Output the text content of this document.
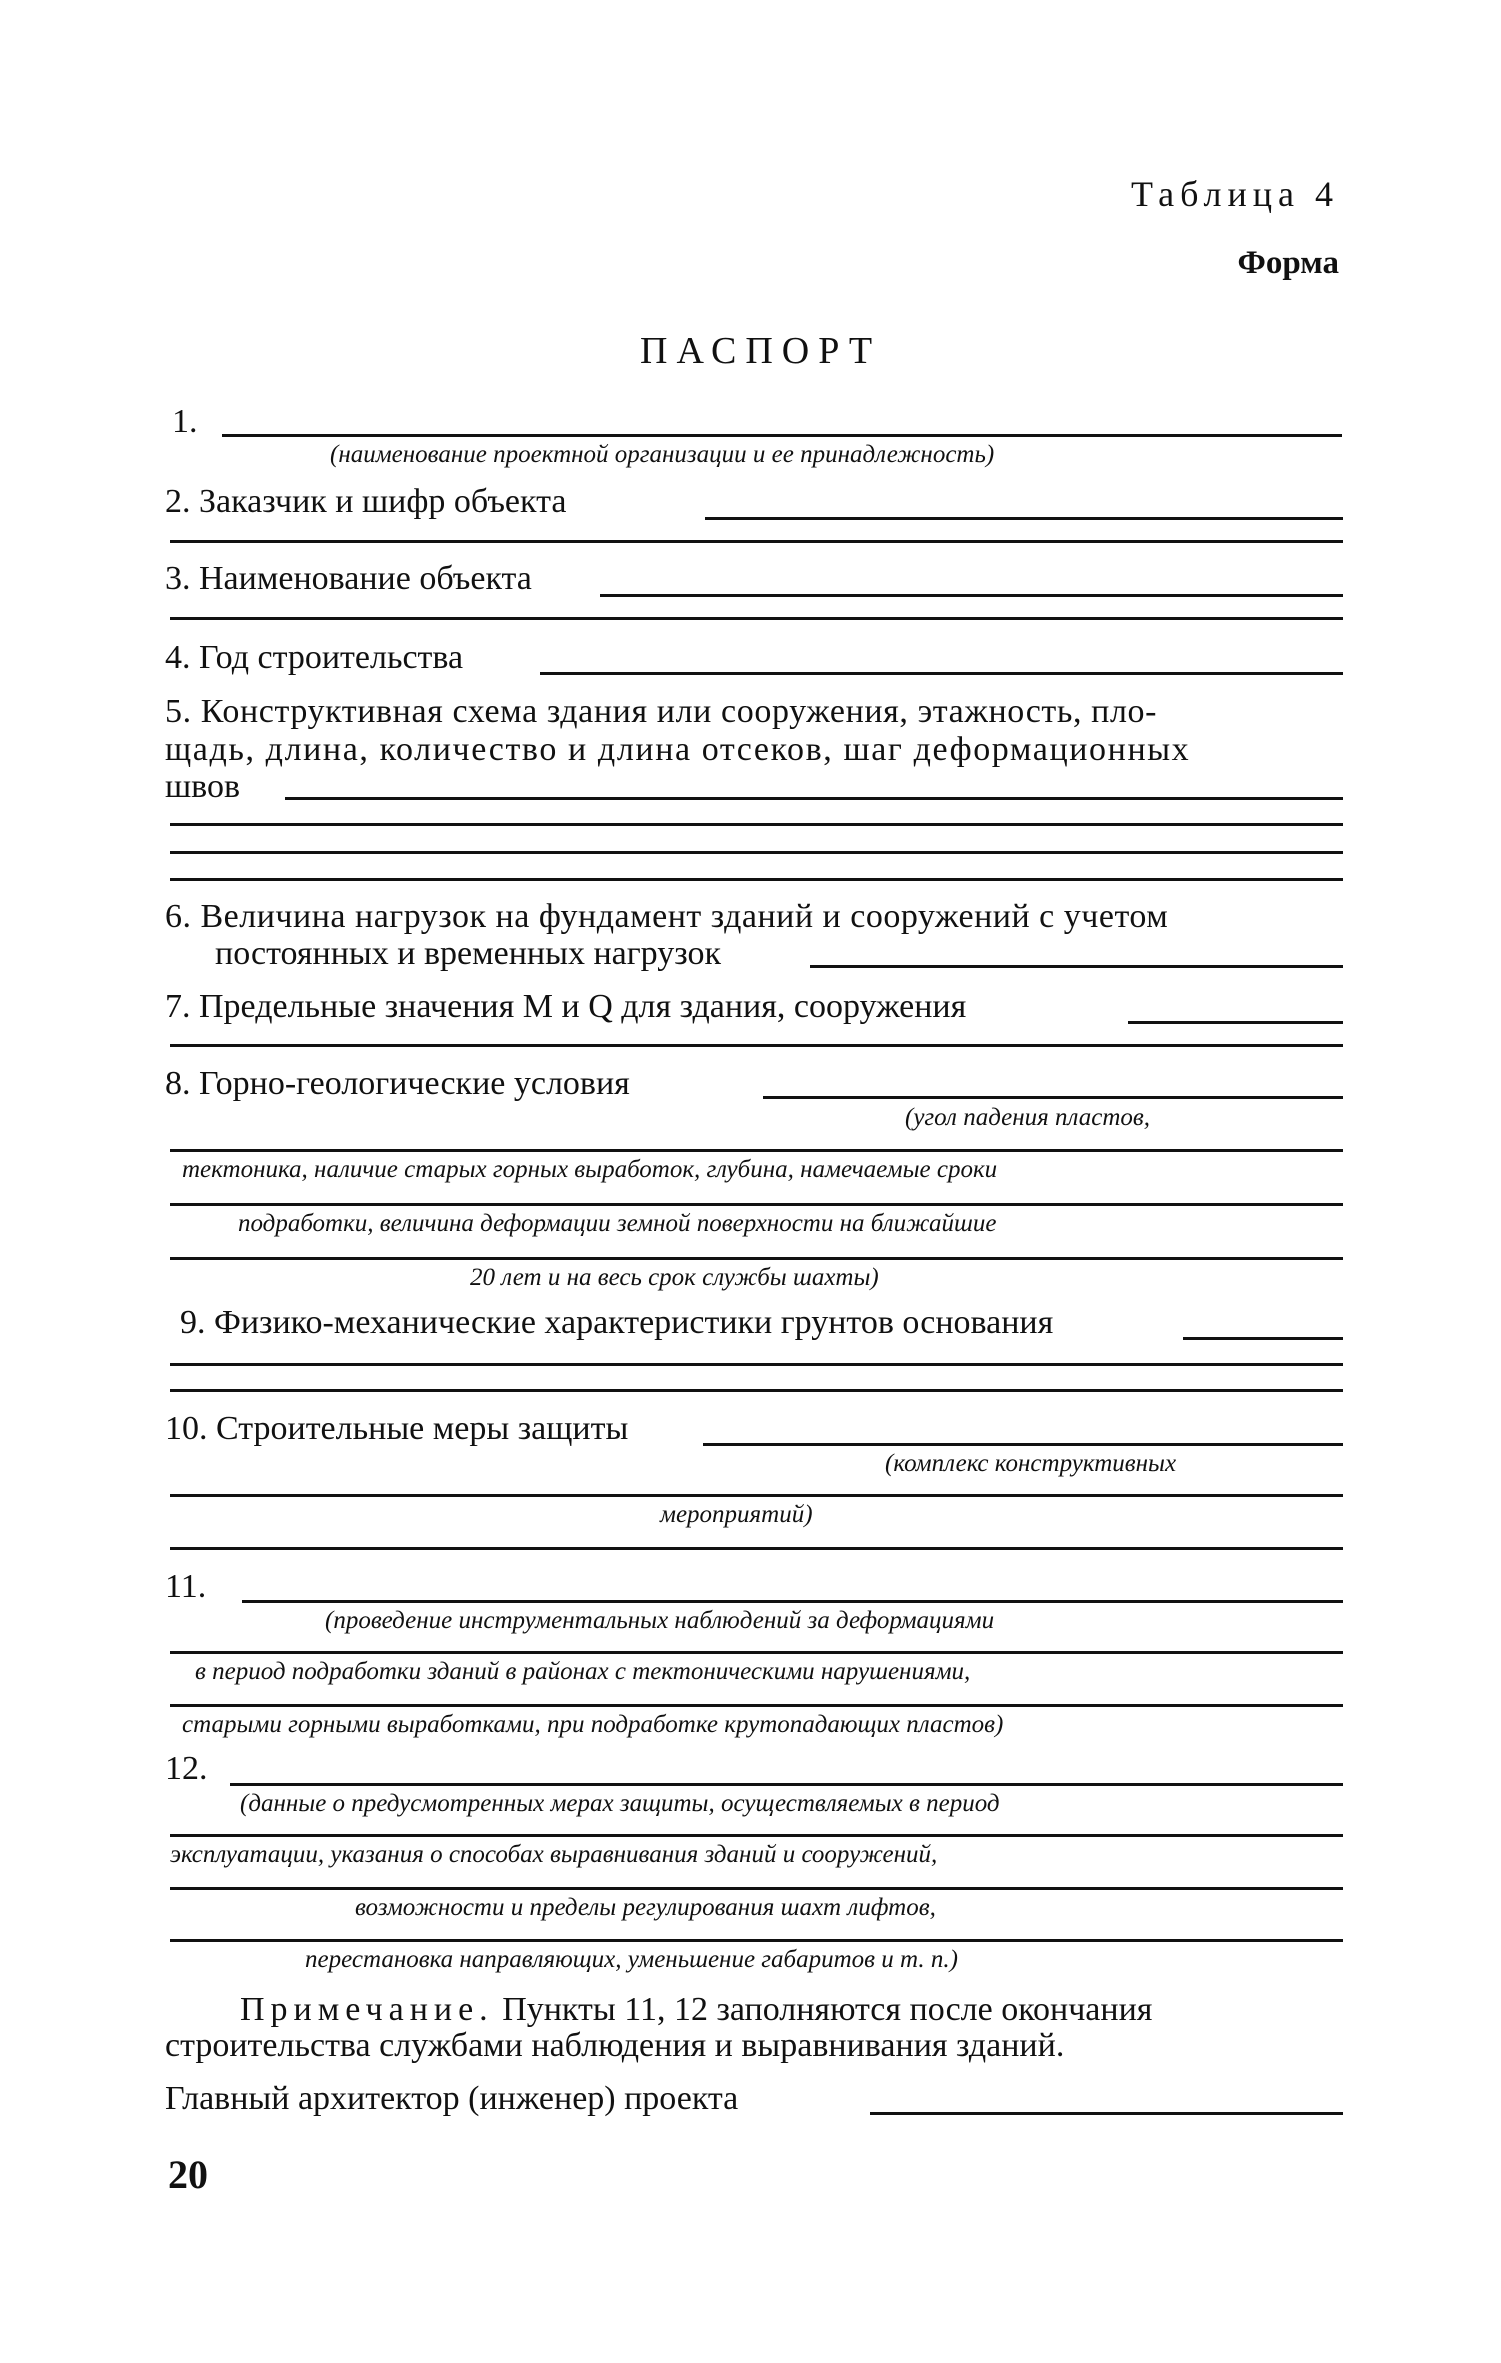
Таблица 4
Форма
ПАСПОРТ
1.
(наименование проектной организации и ее принадлежность)
2. Заказчик и шифр объекта
3. Наименование объекта
4. Год строительства
5. Конструктивная схема здания или сооружения, этажность, пло-
щадь, длина, количество и длина отсеков, шаг деформационных
швов
6. Величина нагрузок на фундамент зданий и сооружений с учетом
постоянных и временных нагрузок
7. Предельные значения M и Q для здания, сооружения
8. Горно-геологические условия
(угол падения пластов,
тектоника, наличие старых горных выработок, глубина, намечаемые сроки
подработки, величина деформации земной поверхности на ближайшие
20 лет и на весь срок службы шахты)
9. Физико-механические характеристики грунтов основания
10. Строительные меры защиты
(комплекс конструктивных
мероприятий)
11.
(проведение инструментальных наблюдений за деформациями
в период подработки зданий в районах с тектоническими нарушениями,
старыми горными выработками, при подработке крутопадающих пластов)
12.
(данные о предусмотренных мерах защиты, осуществляемых в период
эксплуатации, указания о способах выравнивания зданий и сооружений,
возможности и пределы регулирования шахт лифтов,
перестановка направляющих, уменьшение габаритов и т. п.)
Примечание. Пункты 11, 12 заполняются после окончания
строительства службами наблюдения и выравнивания зданий.
Главный архитектор (инженер) проекта
20
